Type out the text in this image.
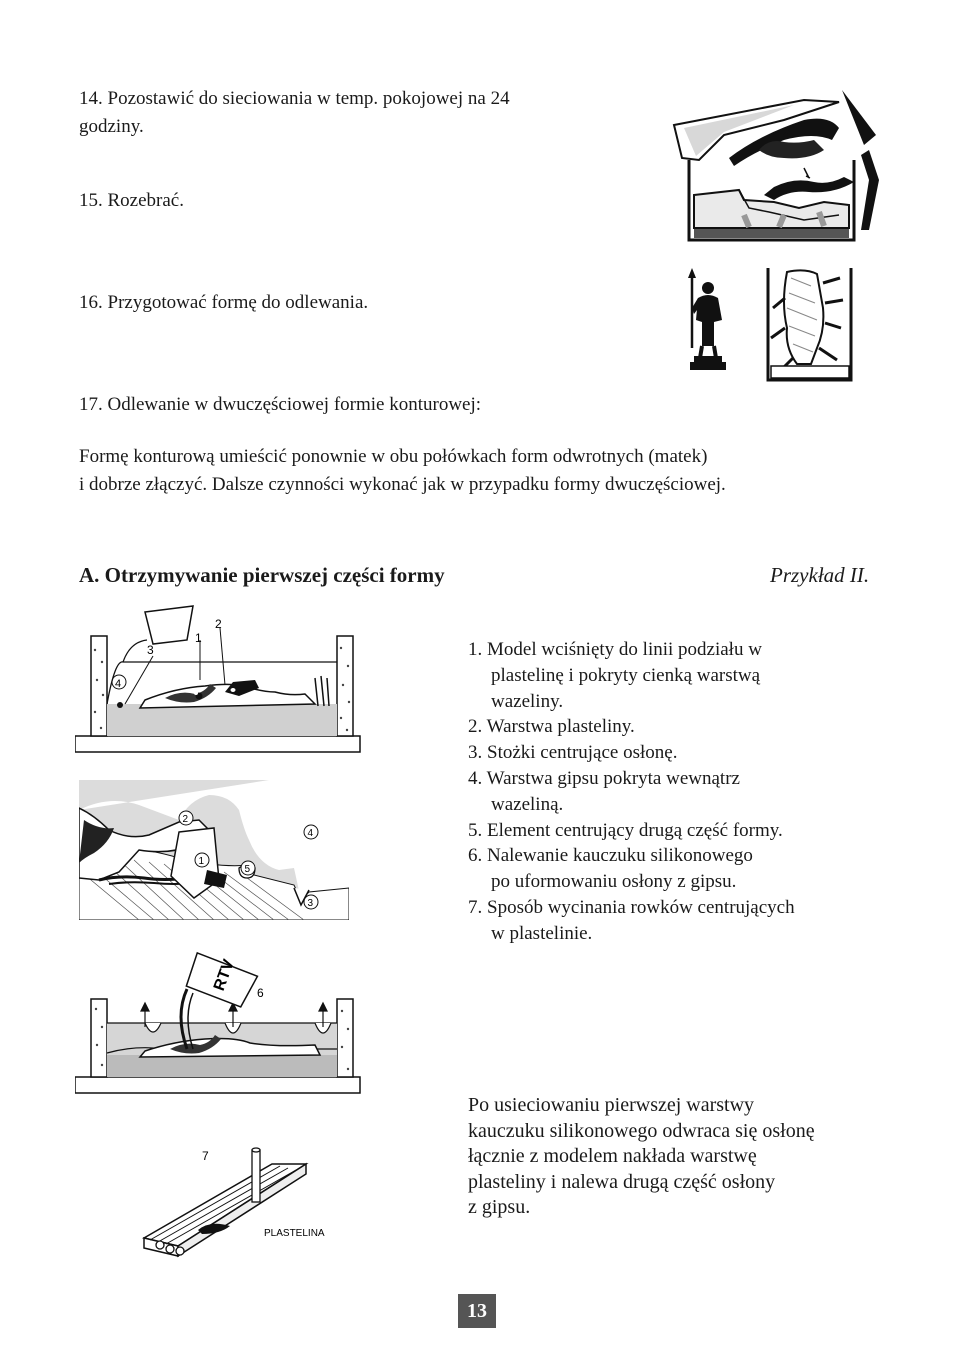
14. Pozostawić do sieciowania w temp. pokojowej na 24
godziny.
15. Rozebrać.
16. Przygotować formę do odlewania.
17. Odlewanie w dwuczęściowej formie konturowej:
Formę konturową umieścić ponownie w obu połówkach form odwrotnych (matek)
i dobrze złączyć. Dalsze czynności wykonać jak w przypadku formy dwuczęściowej.
A. Otrzymywanie pierwszej części formy	Przykład II.
1
2
3
4
1
2
3
4
5
RTV 6
7
PLASTELINA
1. Model wciśnięty do linii podziału w
plastelinę i pokryty cienką warstwą
wazeliny.
2. Warstwa plasteliny.
3. Stożki centrujące osłonę.
4. Warstwa gipsu pokryta wewnątrz
wazeliną.
5. Element centrujący drugą część formy.
6. Nalewanie kauczuku silikonowego
po uformowaniu osłony z gipsu.
7. Sposób wycinania rowków centrujących
w plastelinie.
Po usieciowaniu pierwszej warstwy
kauczuku silikonowego odwraca się osłonę
łącznie z modelem nakłada warstwę
plasteliny i nalewa drugą część osłony
z gipsu.
13
